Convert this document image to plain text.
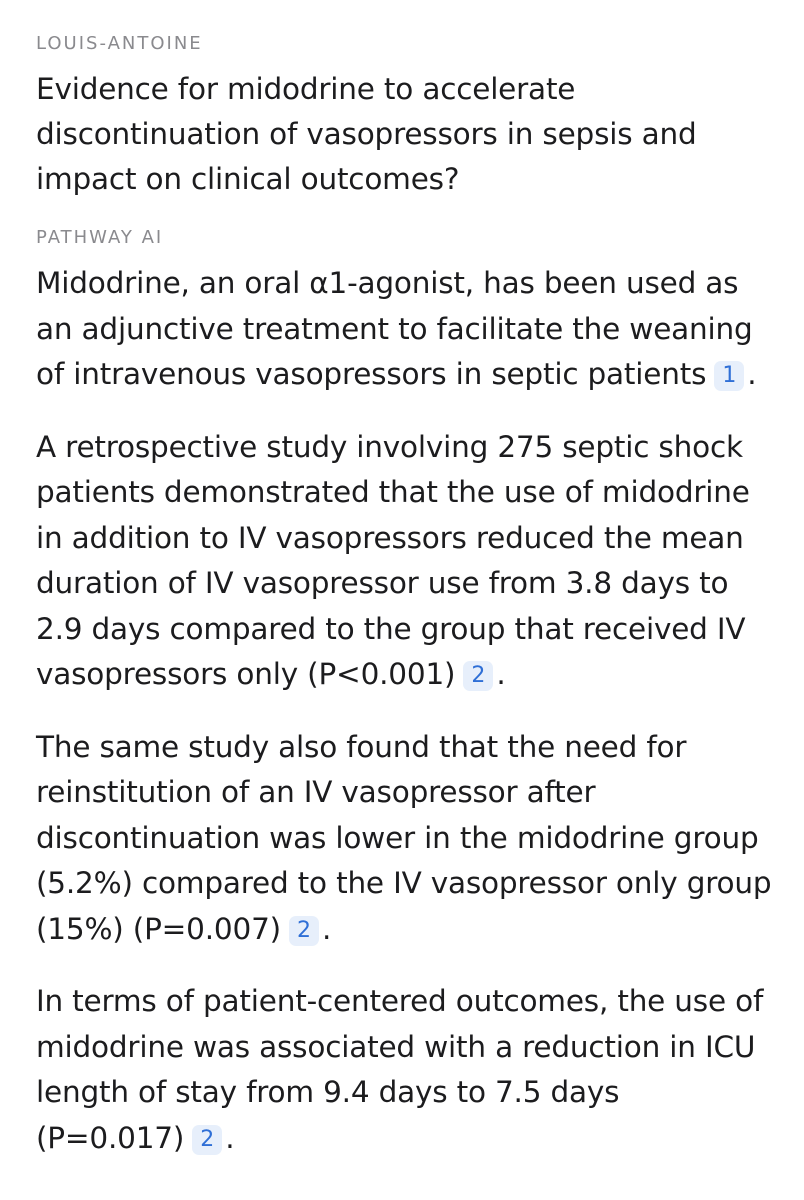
LOUIS-ANTOINE
Evidence for midodrine to accelerate discontinuation of vasopressors in sepsis and impact on clinical outcomes?
PATHWAY AI

Midodrine, an oral α1-agonist, has been used as an adjunctive treatment to facilitate the weaning of intravenous vasopressors in septic patients 1 .

A retrospective study involving 275 septic shock patients demonstrated that the use of midodrine in addition to IV vasopressors reduced the mean duration of IV vasopressor use from 3.8 days to 2.9 days compared to the group that received IV vasopressors only (P<0.001) 2 .

The same study also found that the need for reinstitution of an IV vasopressor after discontinuation was lower in the midodrine group (5.2%) compared to the IV vasopressor only group (15%) (P=0.007) 2 .

In terms of patient-centered outcomes, the use of midodrine was associated with a reduction in ICU length of stay from 9.4 days to 7.5 days (P=0.017) 2 .
